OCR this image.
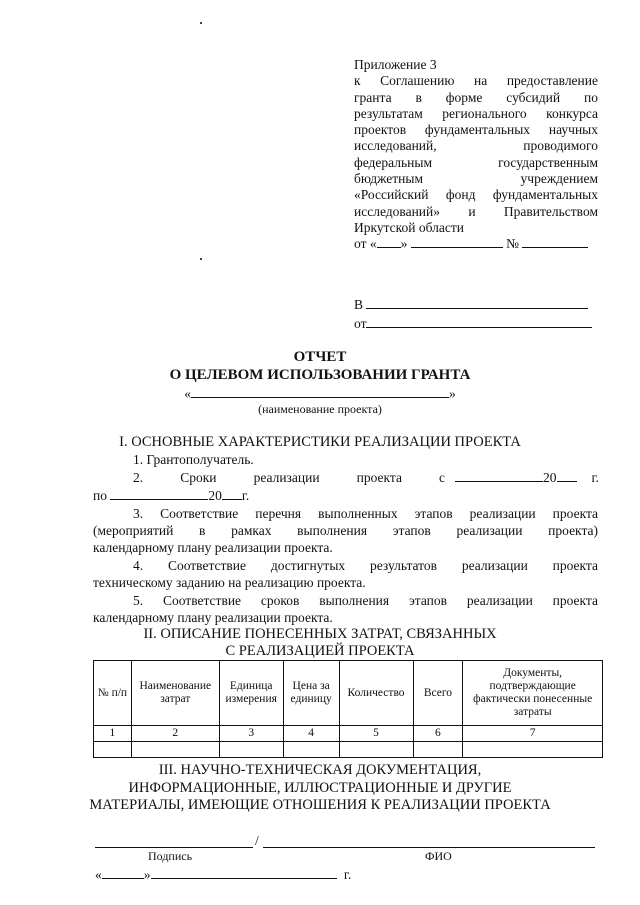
Приложение 3
к Соглашению на предоставление
гранта в форме субсидий по
результатам регионального конкурса
проектов фундаментальных научных
исследований, проводимого
федеральным государственным
бюджетным учреждением
«Российский фонд фундаментальных
исследований» и Правительством
Иркутской области
от « »	№
В
от
ОТЧЕТ
О ЦЕЛЕВОМ ИСПОЛЬЗОВАНИИ ГРАНТА
«	»
(наименование проекта)
I. ОСНОВНЫЕ ХАРАКТЕРИСТИКИ РЕАЛИЗАЦИИ ПРОЕКТА
1. Грантополучатель.
2.	Сроки	реализации	проекта	с	20	г.
по	20 г.
3. Соответствие перечня выполненных этапов реализации проекта
(мероприятий в рамках выполнения этапов реализации проекта)
календарному плану реализации проекта.
4. Соответствие достигнутых результатов реализации проекта
техническому заданию на реализацию проекта.
5. Соответствие сроков выполнения этапов реализации проекта
календарному плану реализации проекта.
II. ОПИСАНИЕ ПОНЕСЕННЫХ ЗАТРАТ, СВЯЗАННЫХ
С РЕАЛИЗАЦИЕЙ ПРОЕКТА
№ п/п	Наименование затрат	Единица измерения	Цена за единицу	Количество	Всего	Документы, подтверждающие фактически понесенные затраты
1	2	3	4	5	6	7

III. НАУЧНО-ТЕХНИЧЕСКАЯ ДОКУМЕНТАЦИЯ,
ИНФОРМАЦИОННЫЕ, ИЛЛЮСТРАЦИОННЫЕ И ДРУГИЕ
МАТЕРИАЛЫ, ИМЕЮЩИЕ ОТНОШЕНИЯ К РЕАЛИЗАЦИИ ПРОЕКТА
/
Подпись	ФИО
«	»	г.
